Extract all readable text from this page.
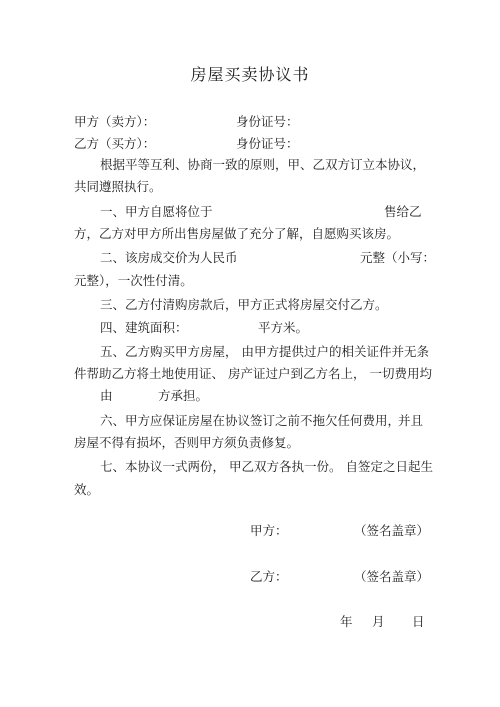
房屋买卖协议书
甲方（卖方）：	身份证号：
乙方（买方）：	身份证号：
根据平等互利、协商一致的原则，甲、乙双方订立本协议，
共同遵照执行。
一、甲方自愿将位于	售给乙
方，乙方对甲方所出售房屋做了充分了解，自愿购买该房。
二、该房成交价为人民币	元整（小写：
元整），一次性付清。
三、乙方付清购房款后，甲方正式将房屋交付乙方。
四、建筑面积：	平方米。
五、乙方购买甲方房屋， 由甲方提供过户的相关证件并无条
件帮助乙方将土地使用证、 房产证过户到乙方名上， 一切费用均
由	方承担。
六、甲方应保证房屋在协议签订之前不拖欠任何费用，
并且
房屋不得有损坏，否则甲方须负责修复。
七、本协议一式两份， 甲乙双方各执一份。 自签定之日起生
效。
甲方：	（签名盖章）
乙方：	（签名盖章）
年 月 日
